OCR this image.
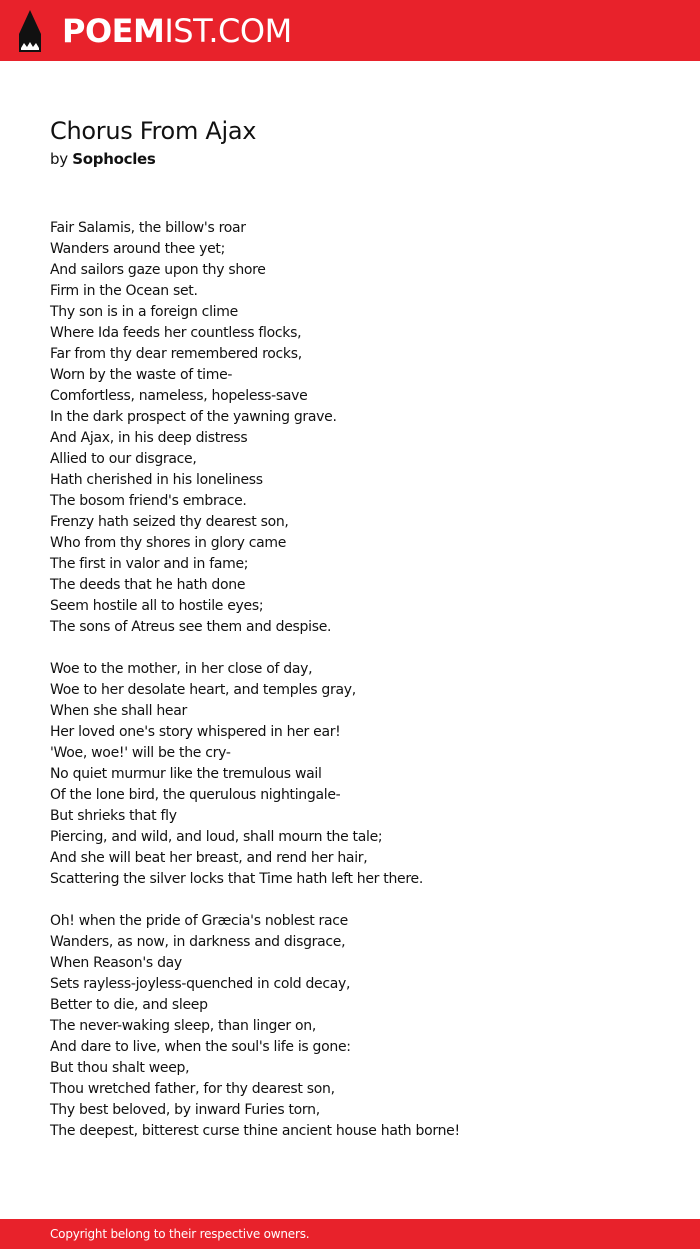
POEMIST.COM
Chorus From Ajax
by Sophocles
Fair Salamis, the billow's roar
Wanders around thee yet;
And sailors gaze upon thy shore
Firm in the Ocean set.
Thy son is in a foreign clime
Where Ida feeds her countless flocks,
Far from thy dear remembered rocks,
Worn by the waste of time-
Comfortless, nameless, hopeless-save
In the dark prospect of the yawning grave.
And Ajax, in his deep distress
Allied to our disgrace,
Hath cherished in his loneliness
The bosom friend's embrace.
Frenzy hath seized thy dearest son,
Who from thy shores in glory came
The first in valor and in fame;
The deeds that he hath done
Seem hostile all to hostile eyes;
The sons of Atreus see them and despise.
Woe to the mother, in her close of day,
Woe to her desolate heart, and temples gray,
When she shall hear
Her loved one's story whispered in her ear!
'Woe, woe!' will be the cry-
No quiet murmur like the tremulous wail
Of the lone bird, the querulous nightingale-
But shrieks that fly
Piercing, and wild, and loud, shall mourn the tale;
And she will beat her breast, and rend her hair,
Scattering the silver locks that Time hath left her there.
Oh! when the pride of Græcia's noblest race
Wanders, as now, in darkness and disgrace,
When Reason's day
Sets rayless-joyless-quenched in cold decay,
Better to die, and sleep
The never-waking sleep, than linger on,
And dare to live, when the soul's life is gone:
But thou shalt weep,
Thou wretched father, for thy dearest son,
Thy best beloved, by inward Furies torn,
The deepest, bitterest curse thine ancient house hath borne!
Copyright belong to their respective owners.
